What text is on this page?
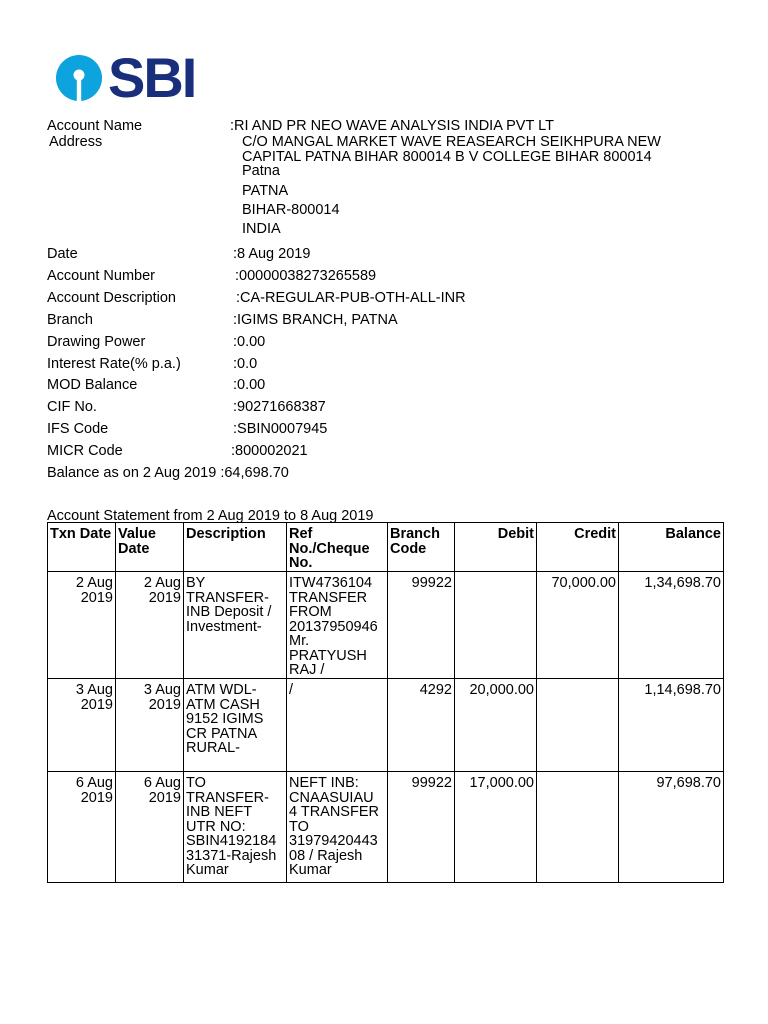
SBI
Account Name	:RI AND PR NEO WAVE ANALYSIS INDIA PVT LT
Address	C/O MANGAL MARKET WAVE REASEARCH SEIKHPURA NEW
CAPITAL PATNA BIHAR 800014 B V COLLEGE BIHAR 800014
Patna
PATNA
BIHAR-800014
INDIA
Date	:8 Aug 2019
Account Number	:00000038273265589
Account Description	:CA-REGULAR-PUB-OTH-ALL-INR
Branch	:IGIMS BRANCH, PATNA
Drawing Power	:0.00
Interest Rate(% p.a.)	:0.0
MOD Balance	:0.00
CIF No.	:90271668387
IFS Code	:SBIN0007945
MICR Code	:800002021
Balance as on 2 Aug 2019 :64,698.70
Account Statement from 2 Aug 2019 to 8 Aug 2019
Txn Date	Value Date	Description	Ref No./Cheque No.	Branch Code	Debit	Credit	Balance
2 Aug 2019	2 Aug 2019	BY TRANSFER-INB Deposit / Investment-	ITW4736104 TRANSFER FROM 20137950946 Mr. PRATYUSH RAJ /	99922		70,000.00	1,34,698.70
3 Aug 2019	3 Aug 2019	ATM WDL-ATM CASH 9152 IGIMS CR PATNA RURAL-	/	4292	20,000.00		1,14,698.70
6 Aug 2019	6 Aug 2019	TO TRANSFER-INB NEFT UTR NO: SBIN4192184 31371-Rajesh Kumar	NEFT INB: CNAASUIAU 4 TRANSFER TO 31979420443 08 / Rajesh Kumar	99922	17,000.00		97,698.70
